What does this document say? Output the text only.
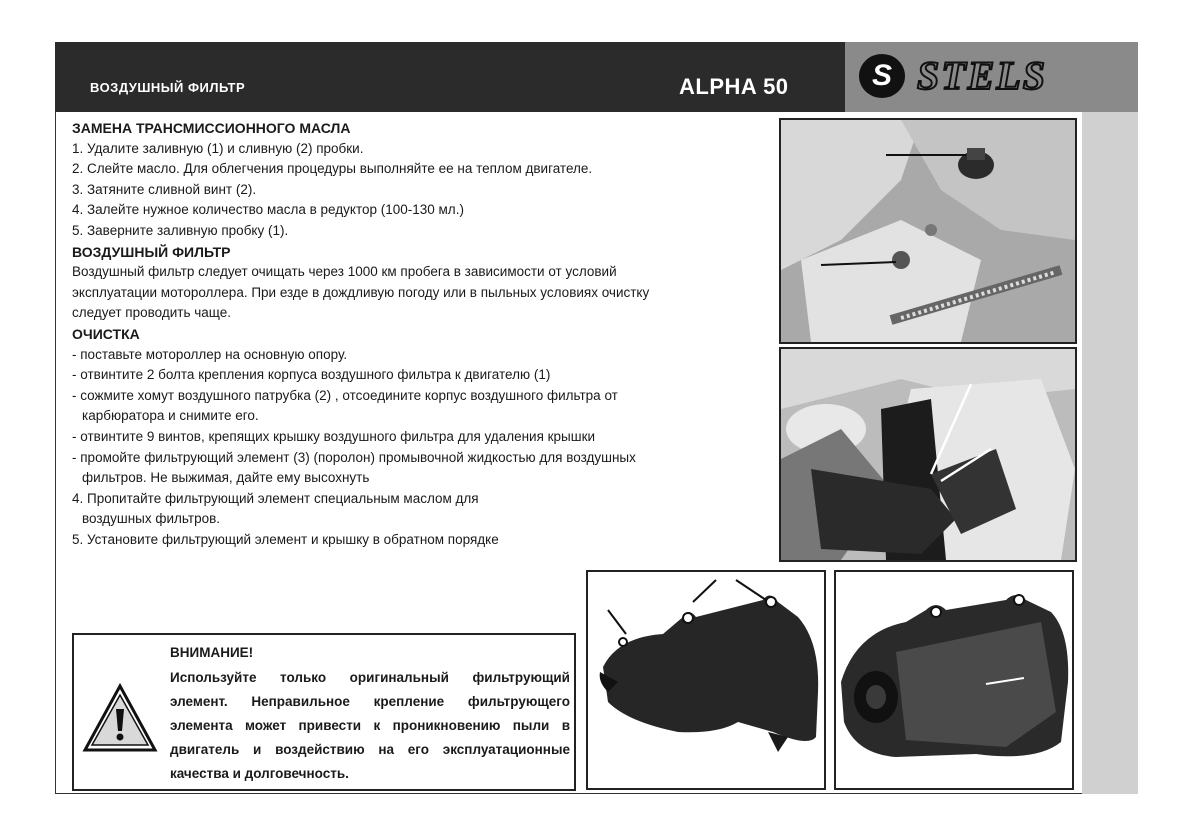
ВОЗДУШНЫЙ ФИЛЬТР	ALPHA 50	S STELS

ЗАМЕНА ТРАНСМИССИОННОГО МАСЛА

1. Удалите заливную (1) и сливную (2) пробки.

2. Слейте масло. Для облегчения процедуры выполняйте ее на теплом двигателе.

3. Затяните сливной винт (2).

4. Залейте нужное количество масла в редуктор (100-130 мл.)

5. Заверните заливную пробку (1).

ВОЗДУШНЫЙ ФИЛЬТР

Воздушный фильтр следует очищать через 1000 км пробега в зависимости от условий

эксплуатации мотороллера. При езде в дождливую погоду или в пыльных условиях очистку

следует проводить чаще.

ОЧИСТКА

- поставьте мотороллер на основную опору.

- отвинтите 2 болта крепления корпуса воздушного фильтра к двигателю (1)

- сожмите хомут воздушного патрубка (2) , отсоедините корпус воздушного фильтра от

карбюратора и снимите его.

- отвинтите 9 винтов, крепящих крышку воздушного фильтра для удаления крышки

- промойте фильтрующий элемент (3) (поролон) промывочной жидкостью для воздушных

фильтров. Не выжимая, дайте ему высохнуть

4. Пропитайте фильтрующий элемент специальным маслом для

воздушных фильтров.

5. Установите фильтрующий элемент и крышку в обратном порядке

ВНИМАНИЕ!
Используйте только оригинальный фильтрующий элемент. Неправильное крепление фильтрующего элемента может привести к проникновению пыли в двигатель и воздействию на его эксплуатационные качества и долговечность.
